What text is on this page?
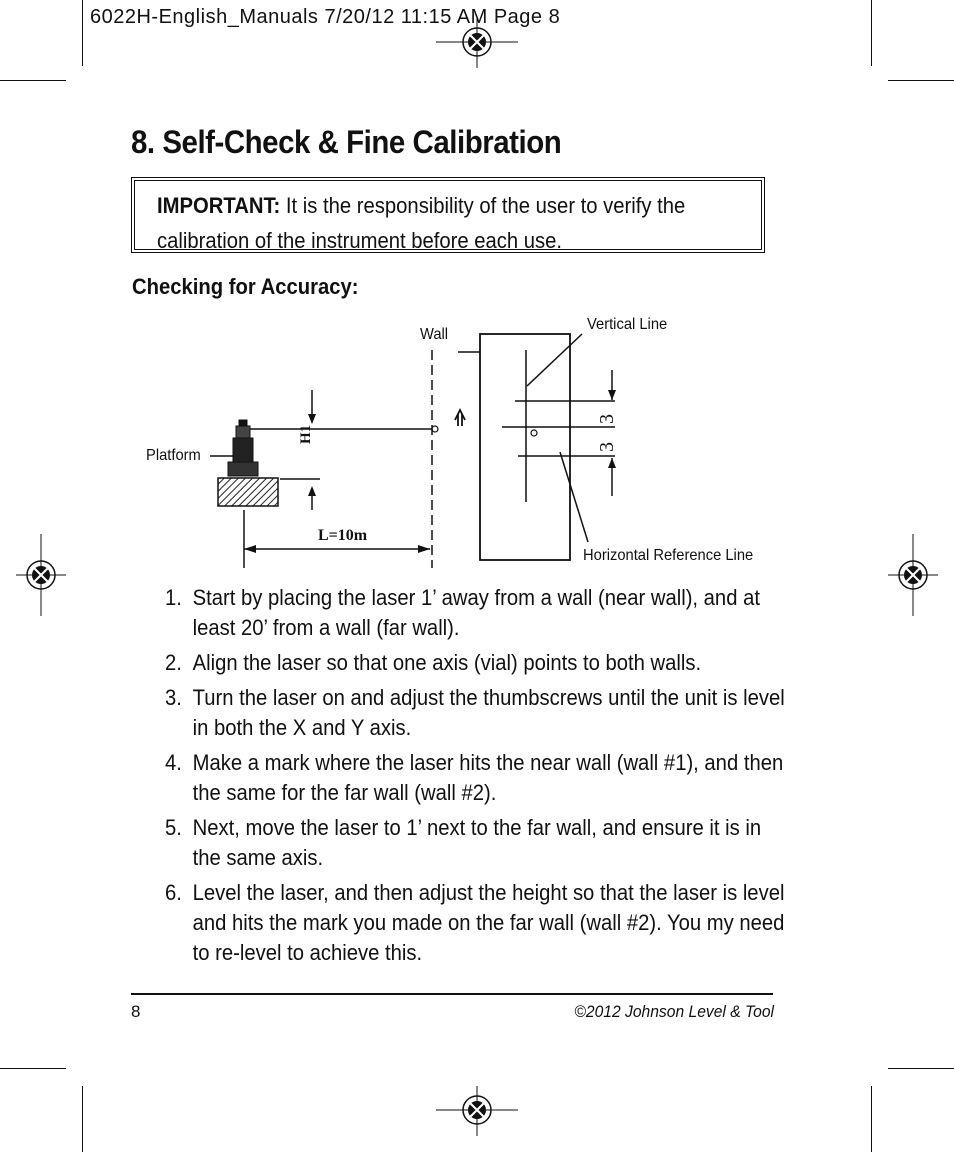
6022H-English_Manuals 7/20/12 11:15 AM Page 8
8. Self-Check & Fine Calibration
IMPORTANT: It is the responsibility of the user to verify the calibration of the instrument before each use.
Checking for Accuracy:
Wall
Vertical Line
Platform
Horizontal Reference Line
H1
L=10m
3
3
1. Start by placing the laser 1’ away from a wall (near wall), and at least 20’ from a wall (far wall).
2. Align the laser so that one axis (vial) points to both walls.
3. Turn the laser on and adjust the thumbscrews until the unit is level in both the X and Y axis.
4. Make a mark where the laser hits the near wall (wall #1), and then the same for the far wall (wall #2).
5. Next, move the laser to 1’ next to the far wall, and ensure it is in the same axis.
6. Level the laser, and then adjust the height so that the laser is level and hits the mark you made on the far wall (wall #2). You my need to re-level to achieve this.
8	©2012 Johnson Level & Tool
